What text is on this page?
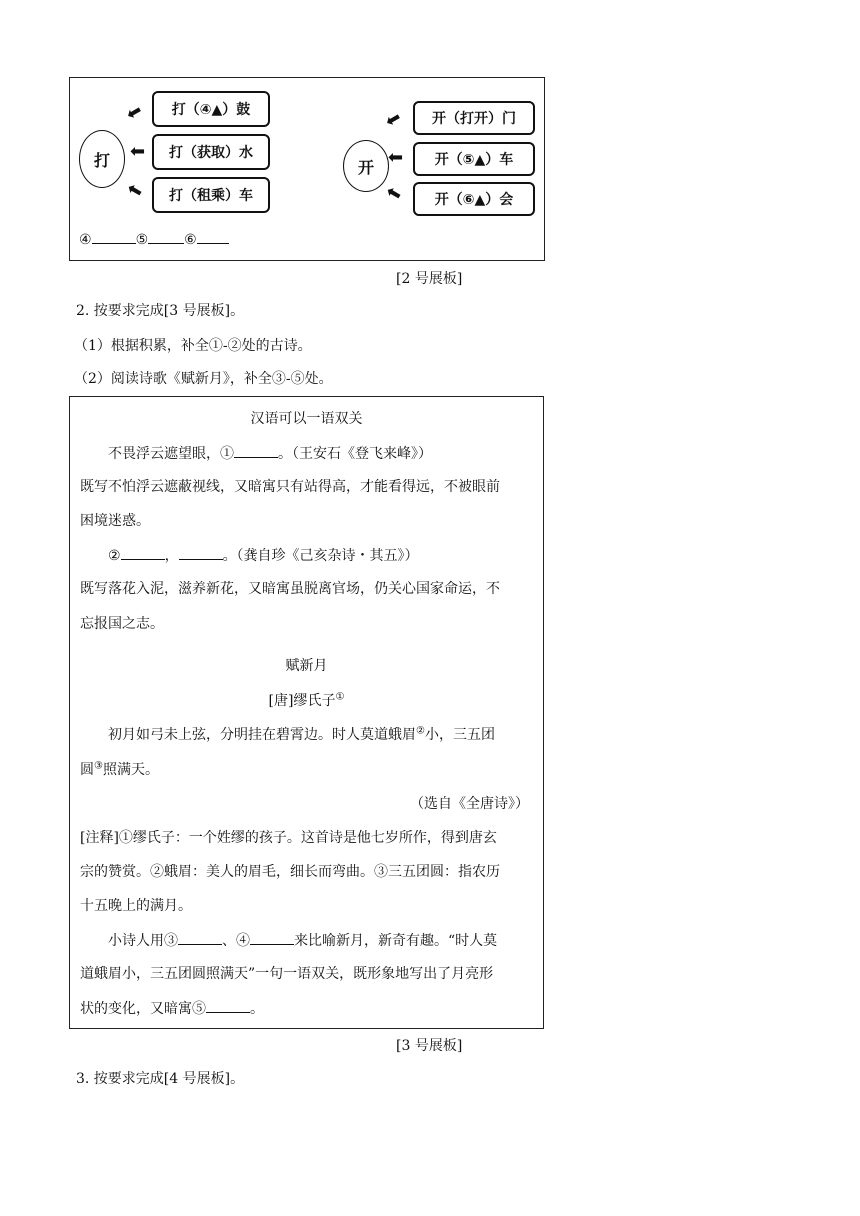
打
⬅
⬅
⬅
打（④▲）鼓
打（获取）水
打（租乘）车
开
⬅
⬅
⬅
开（打开）门
开（⑤▲）车
开（⑥▲）会
④	⑤	⑥
[2 号展板]
2. 按要求完成[3 号展板]。
（1）根据积累，补全①-②处的古诗。
（2）阅读诗歌《赋新月》，补全③-⑤处。
汉语可以一语双关
不畏浮云遮望眼，①	。（王安石《登飞来峰》）
既写不怕浮云遮蔽视线，又暗寓只有站得高，才能看得远，不被眼前
困境迷惑。
②	，	。（龚自珍《己亥杂诗・其五》）
既写落花入泥，滋养新花，又暗寓虽脱离官场，仍关心国家命运，不
忘报国之志。
赋新月
[唐]缪氏子①
初月如弓未上弦，分明挂在碧霄边。时人莫道蛾眉②小，三五团
圆③照满天。
（选自《全唐诗》）
[注释]①缪氏子：一个姓缪的孩子。这首诗是他七岁所作，得到唐玄
宗的赞赏。②蛾眉：美人的眉毛，细长而弯曲。③三五团圆：指农历
十五晚上的满月。
小诗人用③	、④	来比喻新月，新奇有趣。“时人莫
道蛾眉小，三五团圆照满天”一句一语双关，既形象地写出了月亮形
状的变化，又暗寓⑤	。
[3 号展板]
3. 按要求完成[4 号展板]。
